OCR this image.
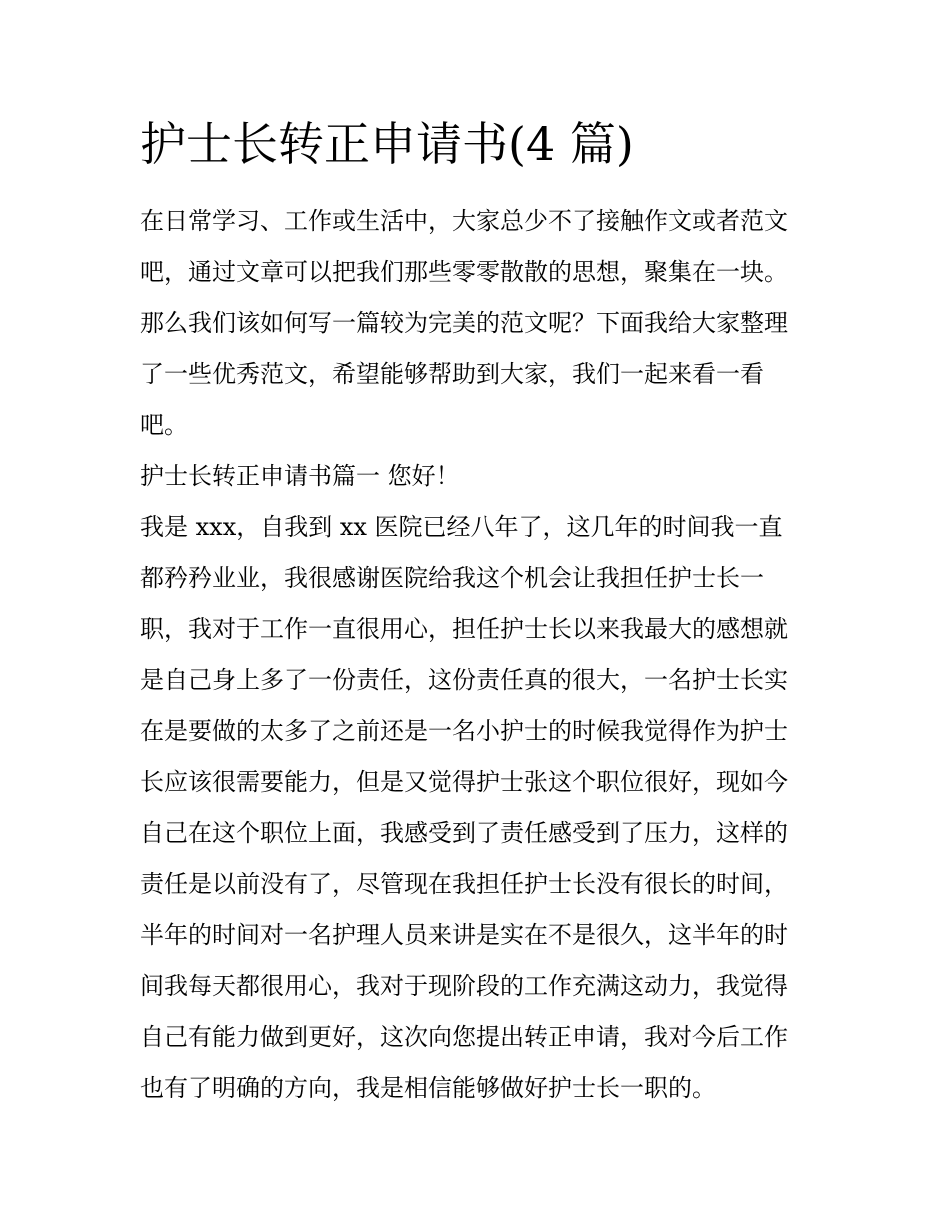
护士长转正申请书(4 篇)

在日常学习、工作或生活中，大家总少不了接触作文或者范文

吧，通过文章可以把我们那些零零散散的思想，聚集在一块。

那么我们该如何写一篇较为完美的范文呢？下面我给大家整理

了一些优秀范文，希望能够帮助到大家，我们一起来看一看

吧。

护士长转正申请书篇一 您好！

我是 xxx，自我到 xx 医院已经八年了，这几年的时间我一直

都矜矜业业，我很感谢医院给我这个机会让我担任护士长一

职，我对于工作一直很用心，担任护士长以来我最大的感想就

是自己身上多了一份责任，这份责任真的很大，一名护士长实

在是要做的太多了之前还是一名小护士的时候我觉得作为护士

长应该很需要能力，但是又觉得护士张这个职位很好，现如今

自己在这个职位上面，我感受到了责任感受到了压力，这样的

责任是以前没有了，尽管现在我担任护士长没有很长的时间，

半年的时间对一名护理人员来讲是实在不是很久，这半年的时

间我每天都很用心，我对于现阶段的工作充满这动力，我觉得

自己有能力做到更好，这次向您提出转正申请，我对今后工作

也有了明确的方向，我是相信能够做好护士长一职的。
